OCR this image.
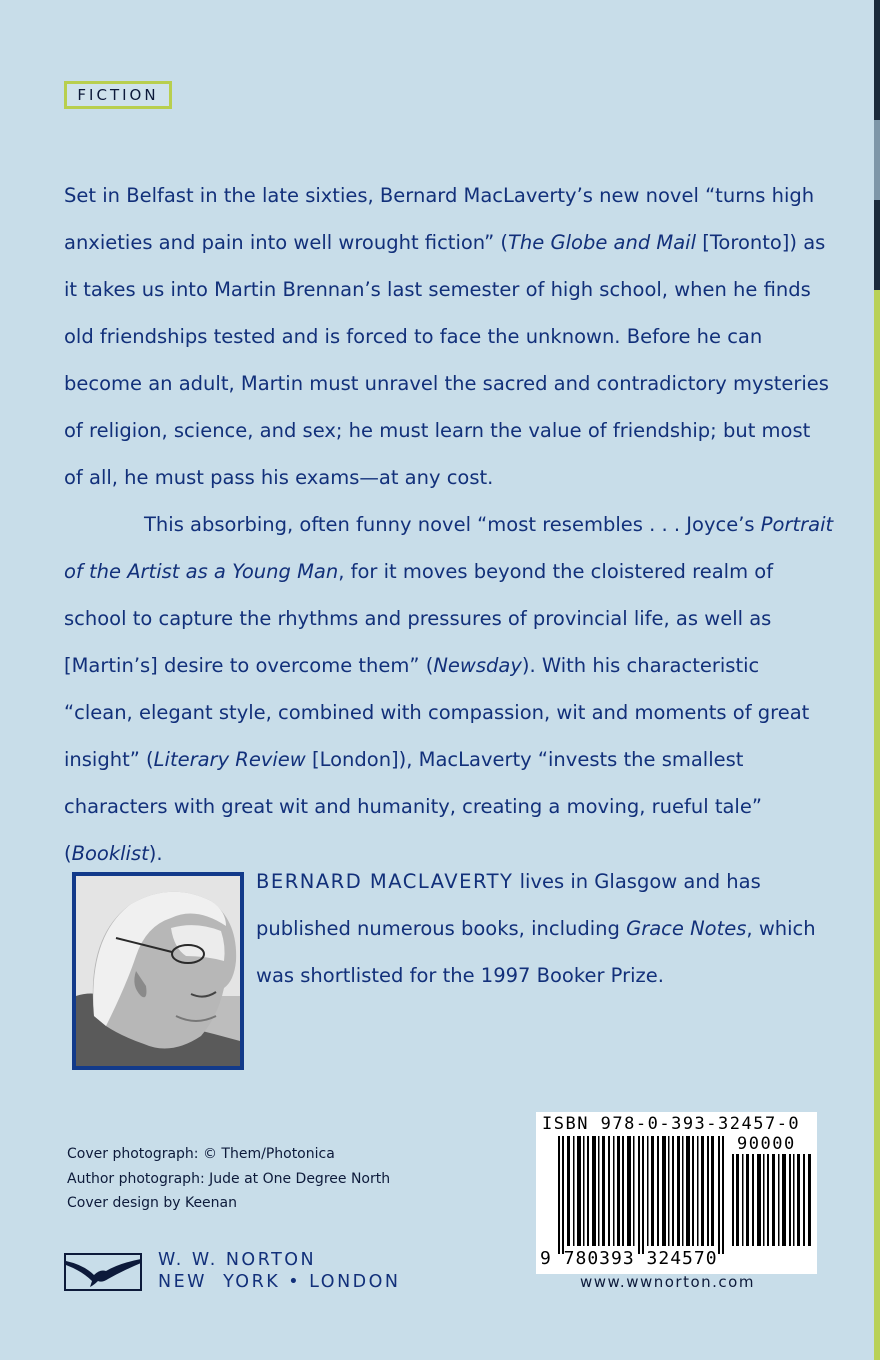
FICTION

Set in Belfast in the late sixties, Bernard MacLaverty’s new novel “turns high anxieties and pain into well wrought fiction” (The Globe and Mail [Toronto]) as it takes us into Martin Brennan’s last semester of high school, when he finds old friendships tested and is forced to face the unknown. Before he can become an adult, Martin must unravel the sacred and contradictory mysteries of religion, science, and sex; he must learn the value of friendship; but most of all, he must pass his exams—at any cost.

This absorbing, often funny novel “most resembles . . . Joyce’s Portrait of the Artist as a Young Man, for it moves beyond the cloistered realm of school to capture the rhythms and pressures of provincial life, as well as [Martin’s] desire to overcome them” (Newsday). With his characteristic “clean, elegant style, combined with compassion, wit and moments of great insight” (Literary Review [London]), MacLaverty “invests the smallest characters with great wit and humanity, creating a moving, rueful tale” (Booklist).

BERNARD MACLAVERTY lives in Glasgow and has published numerous books, including Grace Notes, which was shortlisted for the 1997 Booker Prize.
Cover photograph: © Them/Photonica
Author photograph: Jude at One Degree North
Cover design by Keenan
W. W. NORTON
NEW  YORK • LONDON
ISBN 978-0-393-32457-0
90000
9 780393 324570
www.wwnorton.com
